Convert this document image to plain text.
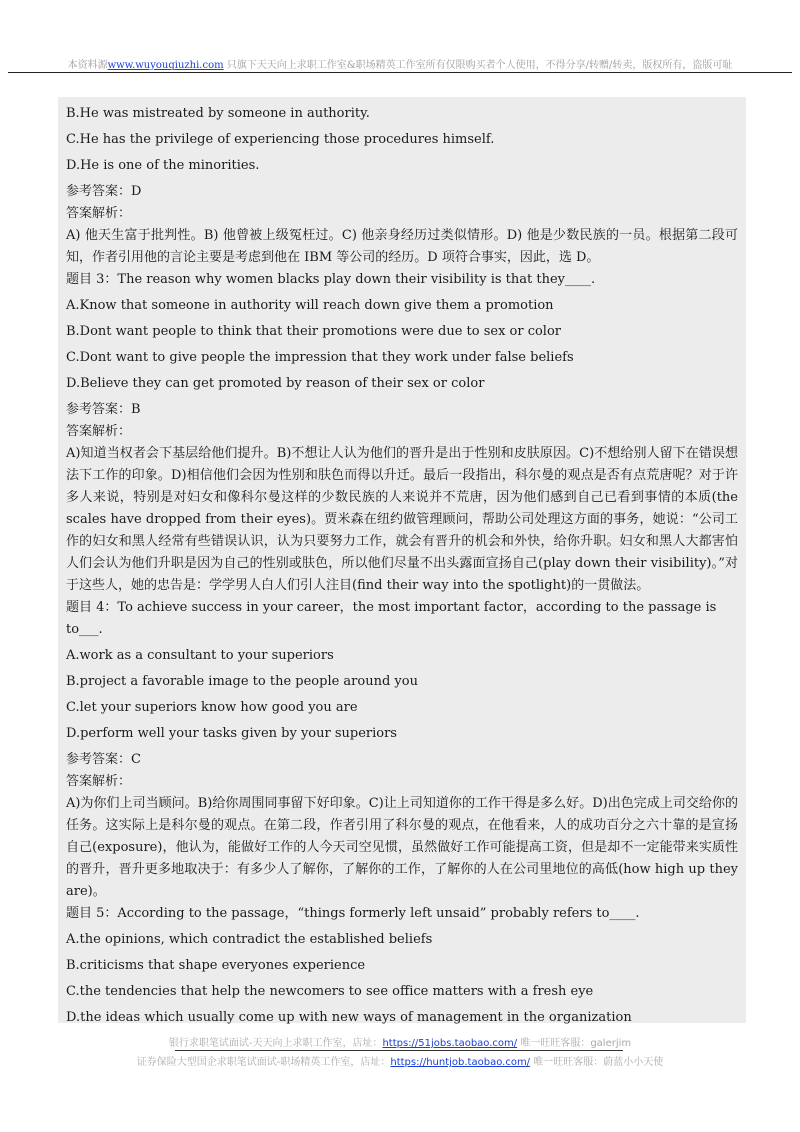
本资料源www.wuyouqiuzhi.com 只旗下天天向上求职工作室&职场精英工作室所有仅限购买者个人使用，不得分享/转赠/转卖，版权所有，盗版可耻

B.He was mistreated by someone in authority.

C.He has the privilege of experiencing those procedures himself.

D.He is one of the minorities.

参考答案：D

答案解析：

A) 他天生富于批判性。B) 他曾被上级冤枉过。C) 他亲身经历过类似情形。D) 他是少数民族的一员。根据第二段可知，作者引用他的言论主要是考虑到他在 IBM 等公司的经历。D 项符合事实，因此，选 D。

题目 3：The reason why women blacks play down their visibility is that they____.

A.Know that someone in authority will reach down give them a promotion

B.Dont want people to think that their promotions were due to sex or color

C.Dont want to give people the impression that they work under false beliefs

D.Believe they can get promoted by reason of their sex or color

参考答案：B

答案解析：

A)知道当权者会下基层给他们提升。B)不想让人认为他们的晋升是出于性别和皮肤原因。C)不想给别人留下在错误想法下工作的印象。D)相信他们会因为性别和肤色而得以升迁。最后一段指出，科尔曼的观点是否有点荒唐呢？对于许多人来说，特别是对妇女和像科尔曼这样的少数民族的人来说并不荒唐，因为他们感到自己已看到事情的本质(the scales have dropped from their eyes)。贾米森在纽约做管理顾问，帮助公司处理这方面的事务，她说：“公司工作的妇女和黑人经常有些错误认识，认为只要努力工作，就会有晋升的机会和外快，给你升职。妇女和黑人大都害怕人们会认为他们升职是因为自己的性别或肤色，所以他们尽量不出头露面宣扬自己(play down their visibility)。”对于这些人，她的忠告是：学学男人白人们引人注目(find their way into the spotlight)的一贯做法。

题目 4：To achieve success in your career，the most important factor，according to the passage is to___.

A.work as a consultant to your superiors

B.project a favorable image to the people around you

C.let your superiors know how good you are

D.perform well your tasks given by your superiors

参考答案：C

答案解析：

A)为你们上司当顾问。B)给你周围同事留下好印象。C)让上司知道你的工作干得是多么好。D)出色完成上司交给你的任务。这实际上是科尔曼的观点。在第二段，作者引用了科尔曼的观点，在他看来，人的成功百分之六十靠的是宣扬自己(exposure)，他认为，能做好工作的人今天司空见惯，虽然做好工作可能提高工资，但是却不一定能带来实质性的晋升，晋升更多地取决于：有多少人了解你，了解你的工作，了解你的人在公司里地位的高低(how high up they are)。

题目 5：According to the passage，“things formerly left unsaid” probably refers to____.

A.the opinions, which contradict the established beliefs

B.criticisms that shape everyones experience

C.the tendencies that help the newcomers to see office matters with a fresh eye

D.the ideas which usually come up with new ways of management in the organization

银行求职笔试面试-天天向上求职工作室，店址：https://51jobs.taobao.com/ 唯一旺旺客服：galerjim
证券保险大型国企求职笔试面试-职场精英工作室，店址：https://huntjob.taobao.com/ 唯一旺旺客服：蔚蓝小小天使
